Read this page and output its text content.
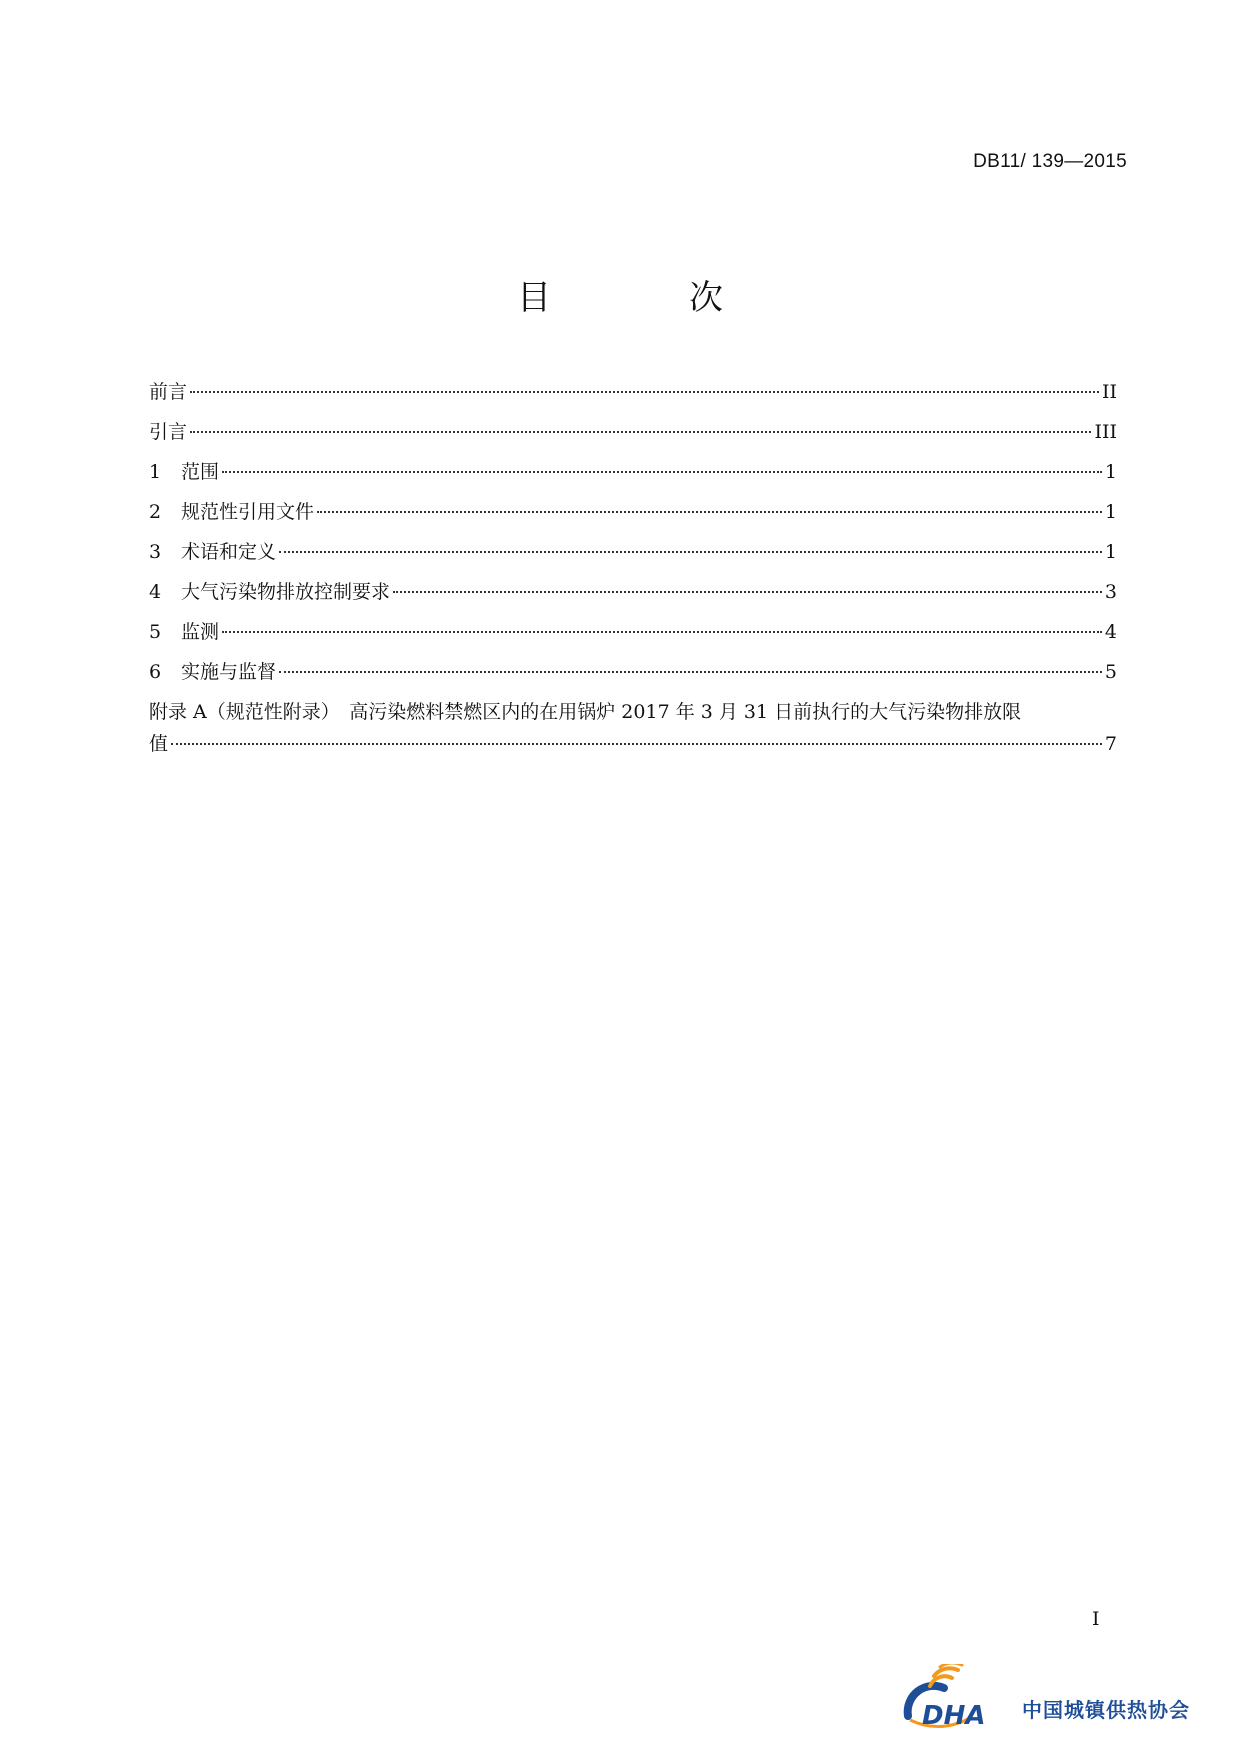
DB11/ 139—2015
目　次
前言	II
引言	III
1	范围	1
2	规范性引用文件	1
3	术语和定义	1
4	大气污染物排放控制要求	3
5	监测	4
6	实施与监督	5
附录 A（规范性附录）　高污染燃料禁燃区内的在用锅炉 2017 年 3 月 31 日前执行的大气污染物排放限
值	7
I
DHA 中国城镇供热协会
